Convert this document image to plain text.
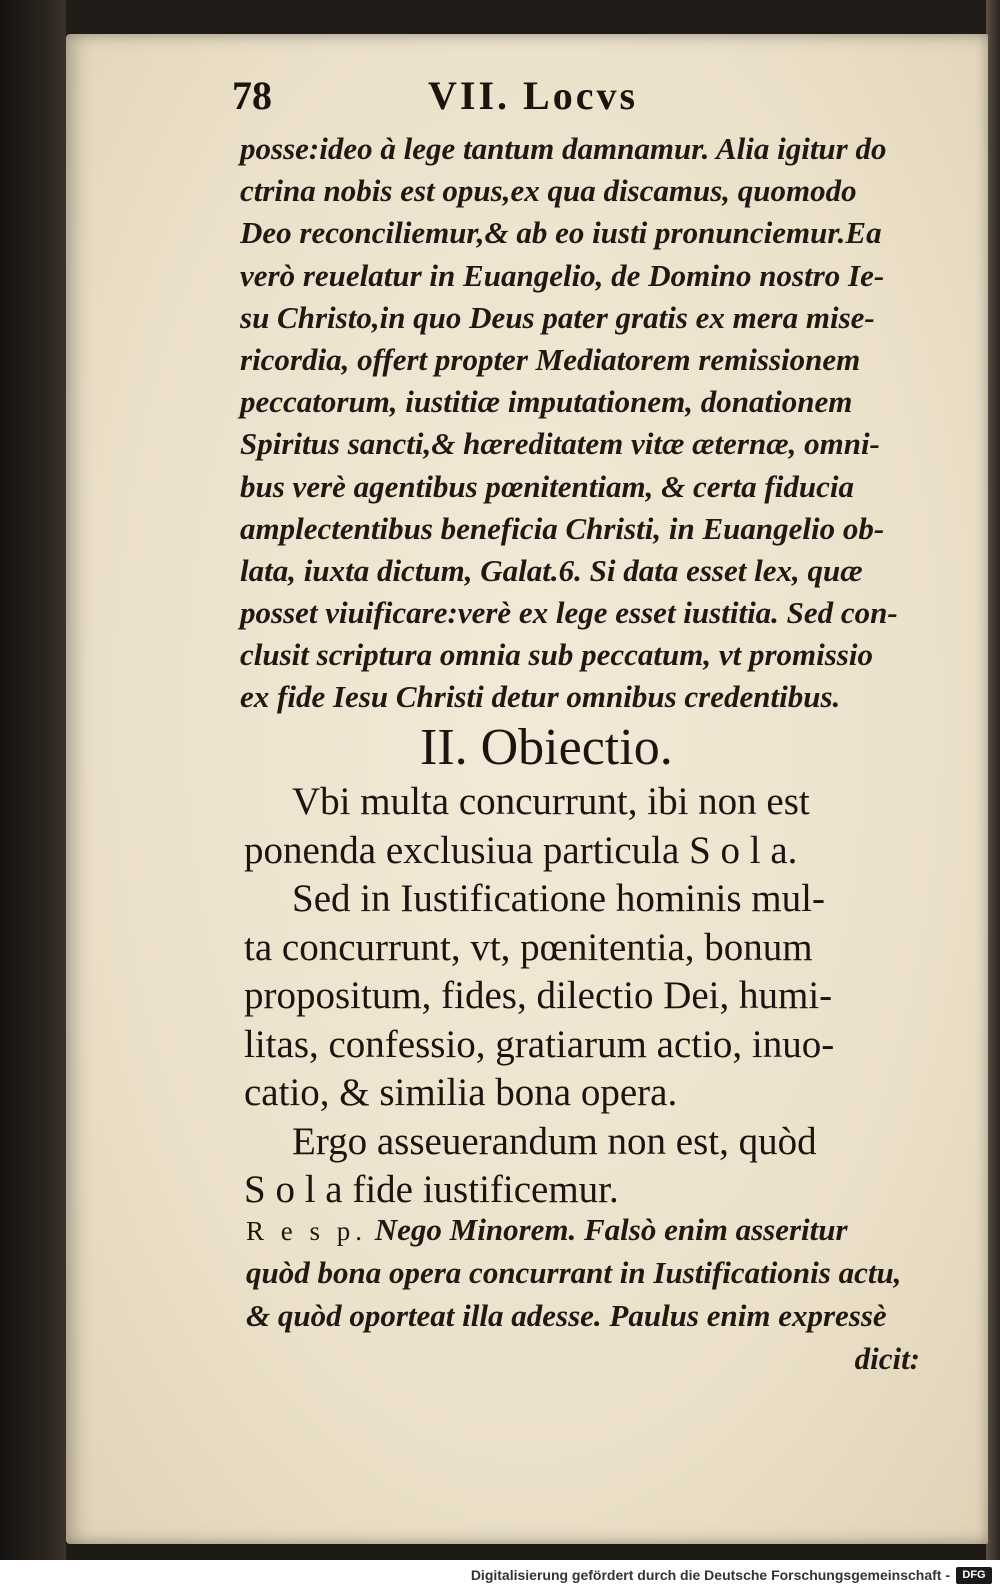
78	VII. Locvs
posse:ideo à lege tantum damnamur. Alia igitur do
ctrina nobis est opus,ex qua discamus, quomodo
Deo reconciliemur,& ab eo iusti pronunciemur.Ea
verò reuelatur in Euangelio, de Domino nostro Ie-
su Christo,in quo Deus pater gratis ex mera mise-
ricordia, offert propter Mediatorem remissionem
peccatorum, iustitiæ imputationem, donationem
Spiritus sancti,& hæreditatem vitæ æternæ, omni-
bus verè agentibus pœnitentiam, & certa fiducia
amplectentibus beneficia Christi, in Euangelio ob-
lata, iuxta dictum, Galat.6. Si data esset lex, quæ
posset viuificare:verè ex lege esset iustitia. Sed con-
clusit scriptura omnia sub peccatum, vt promissio
ex fide Iesu Christi detur omnibus credentibus.
II. Obiectio.
Vbi multa concurrunt, ibi non est
ponenda exclusiua particula S o l a.
Sed in Iustificatione hominis mul-
ta concurrunt, vt, pœnitentia, bonum
propositum, fides, dilectio Dei, humi-
litas, confessio, gratiarum actio, inuo-
catio, & similia bona opera.
Ergo asseuerandum non est, quòd
S o l a fide iustificemur.
R e s p. Nego Minorem. Falsò enim asseritur
quòd bona opera concurrant in Iustificationis actu,
& quòd oporteat illa adesse. Paulus enim expressè
dicit:
Digitalisierung gefördert durch die Deutsche Forschungsgemeinschaft -	DFG
